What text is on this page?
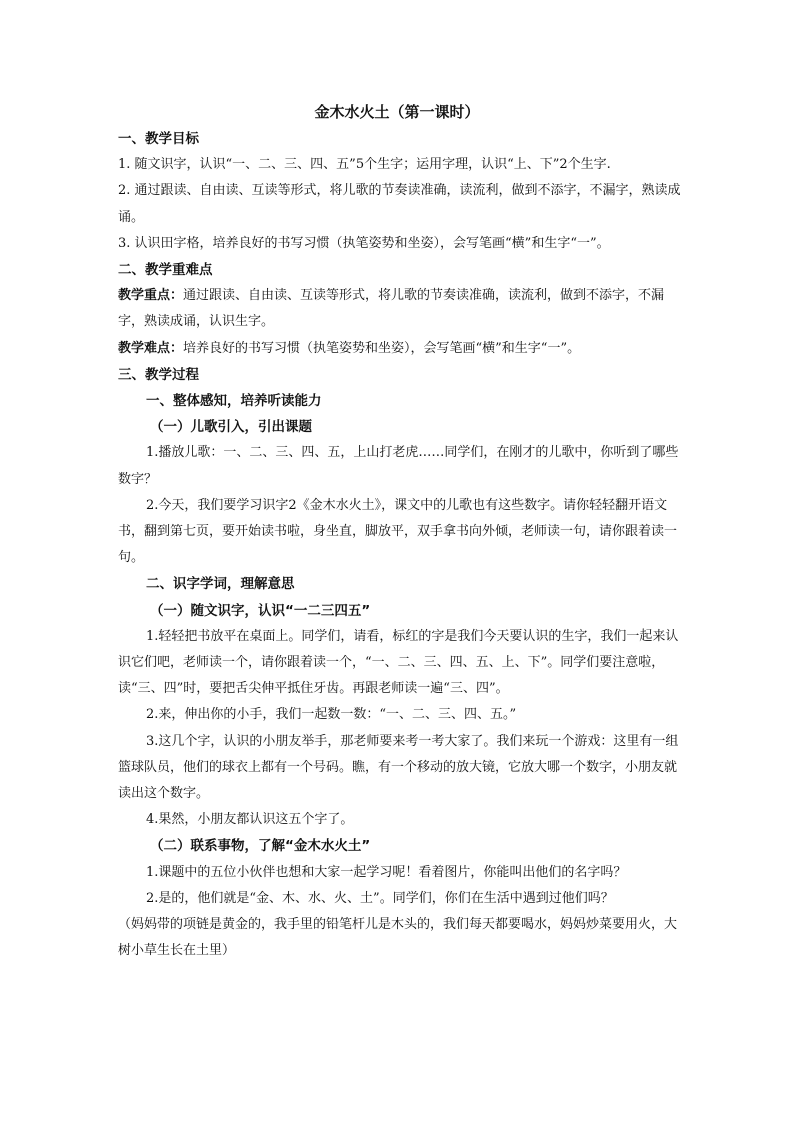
金木水火土（第一课时）

一、教学目标

1. 随文识字，认识“一、二、三、四、五”5个生字；运用字理，认识“上、下”2个生字.

2. 通过跟读、自由读、互读等形式，将儿歌的节奏读准确，读流利，做到不添字，不漏字，熟读成诵。

3. 认识田字格，培养良好的书写习惯（执笔姿势和坐姿），会写笔画“横”和生字“一”。

二、教学重难点

教学重点：通过跟读、自由读、互读等形式，将儿歌的节奏读准确，读流利，做到不添字，不漏字，熟读成诵，认识生字。

教学难点：培养良好的书写习惯（执笔姿势和坐姿），会写笔画“横”和生字“一”。

三、教学过程

一、整体感知，培养听读能力

（一）儿歌引入，引出课题

1.播放儿歌：一、二、三、四、五，上山打老虎……同学们，在刚才的儿歌中，你听到了哪些数字？

2.今天，我们要学习识字2《金木水火土》，课文中的儿歌也有这些数字。请你轻轻翻开语文书，翻到第七页，要开始读书啦，身坐直，脚放平，双手拿书向外倾，老师读一句，请你跟着读一句。

二、识字学词，理解意思

（一）随文识字，认识“一二三四五”

1.轻轻把书放平在桌面上。同学们，请看，标红的字是我们今天要认识的生字，我们一起来认识它们吧，老师读一个，请你跟着读一个，“一、二、三、四、五、上、下”。同学们要注意啦，读“三、四”时，要把舌尖伸平抵住牙齿。再跟老师读一遍“三、四”。

2.来，伸出你的小手，我们一起数一数：“一、二、三、四、五。”

3.这几个字，认识的小朋友举手，那老师要来考一考大家了。我们来玩一个游戏：这里有一组篮球队员，他们的球衣上都有一个号码。瞧，有一个移动的放大镜，它放大哪一个数字，小朋友就读出这个数字。

4.果然，小朋友都认识这五个字了。

（二）联系事物，了解“金木水火土”

1.课题中的五位小伙伴也想和大家一起学习呢！看着图片，你能叫出他们的名字吗？

2.是的，他们就是“金、木、水、火、土”。同学们，你们在生活中遇到过他们吗？

（妈妈带的项链是黄金的，我手里的铅笔杆儿是木头的，我们每天都要喝水，妈妈炒菜要用火，大树小草生长在土里）
